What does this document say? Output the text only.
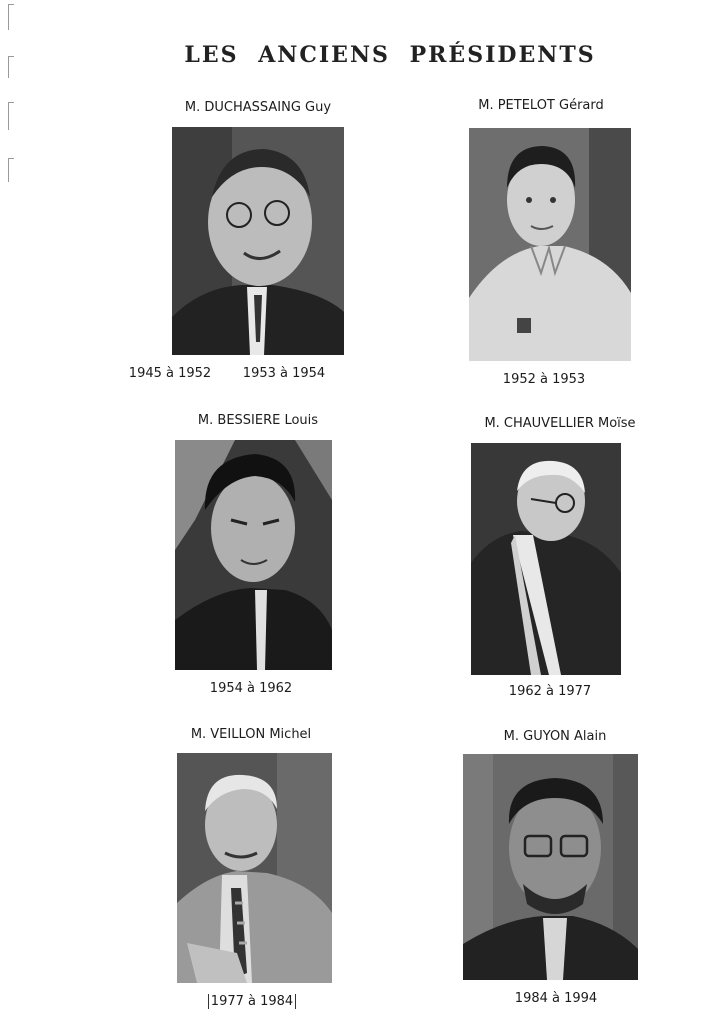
LES ANCIENS PRÉSIDENTS
M. DUCHASSAING Guy
1945 à 1952	1953 à 1954
M. PETELOT Gérard
1952 à 1953
M. BESSIERE Louis
1954 à 1962
M. CHAUVELLIER Moïse
1962 à 1977
M. VEILLON Michel
1977 à 1984
M. GUYON Alain
1984 à 1994
